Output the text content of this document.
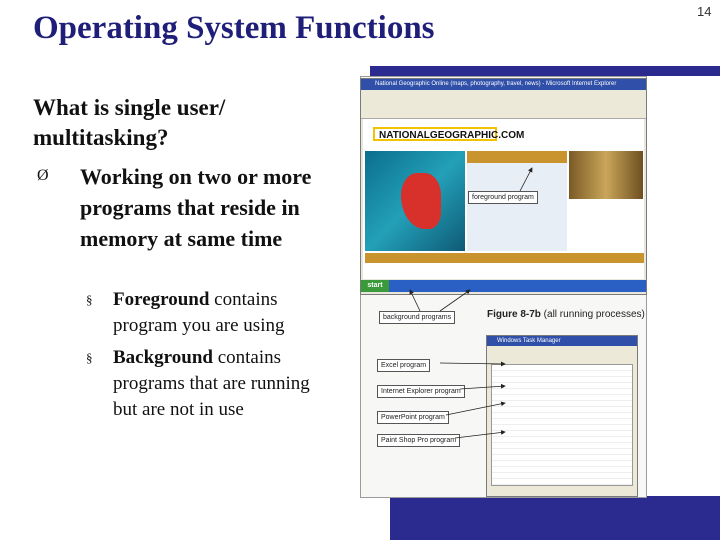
Operating System Functions	14
What is single user/ multitasking?
Ø Working on two or more programs that reside in memory at same time
§ Foreground contains program you are using
§ Background contains programs that are running but are not in use
National Geographic Online (maps, photography, travel, news) - Microsoft Internet Explorer
NATIONALGEOGRAPHIC.COM
start
Figure 8-7b (all running processes)
Windows Task Manager
foreground program
background programs
Excel program
Internet Explorer program
PowerPoint program
Paint Shop Pro program
